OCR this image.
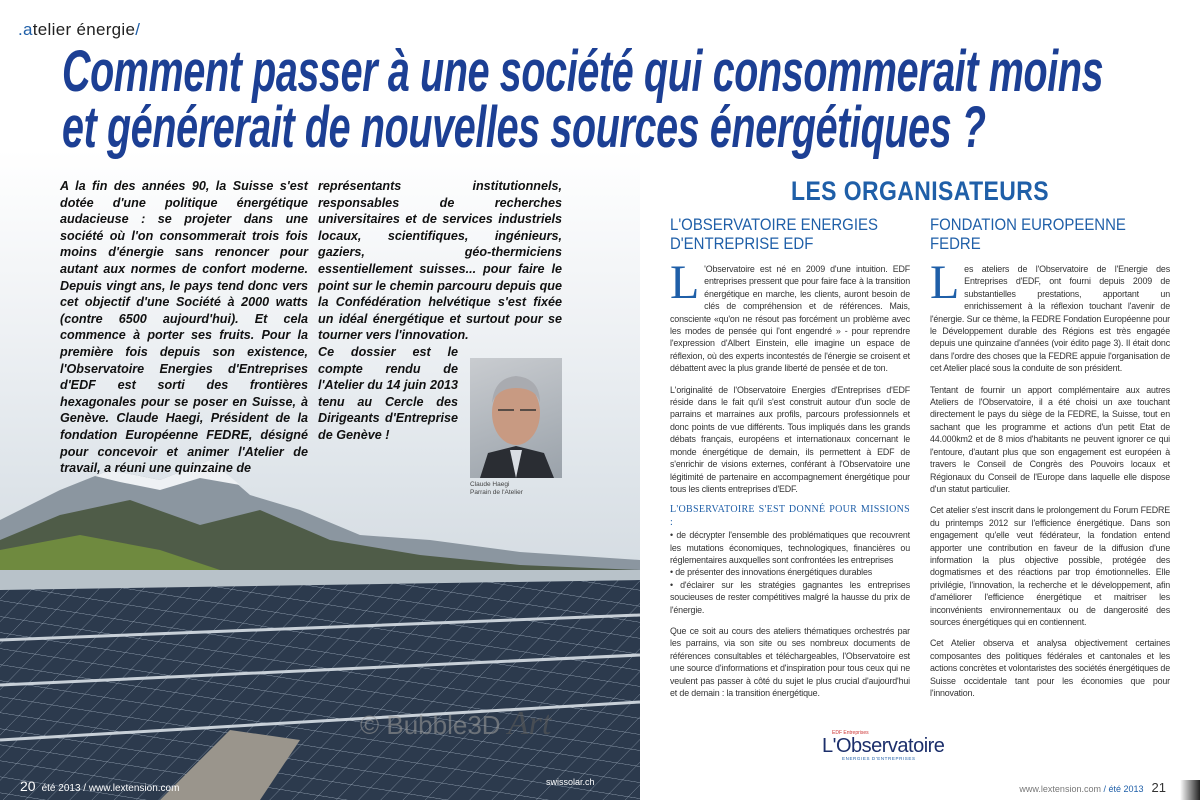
.atelier énergie/
Comment passer à une société qui consommerait moins
et générerait de nouvelles sources énergétiques ?
A la fin des années 90, la Suisse s'est dotée d'une politique énergétique audacieuse : se projeter dans une société où l'on consommerait trois fois moins d'énergie sans renoncer pour autant aux normes de confort moderne. Depuis vingt ans, le pays tend donc vers cet objectif d'une Société à 2000 watts (contre 6500 aujourd'hui). Et cela commence à porter ses fruits. Pour la première fois depuis son existence, l'Observatoire Energies d'Entreprises d'EDF est sorti des frontières hexagonales pour se poser en Suisse, à Genève. Claude Haegi, Président de la fondation Européenne FEDRE, désigné pour concevoir et animer l'Atelier de travail, a réuni une quinzaine de
représentants institutionnels, responsables de recherches universitaires et de services industriels locaux, scientifiques, ingénieurs, gaziers, géo-thermiciens essentiellement suisses... pour faire le point sur le chemin parcouru depuis que la Confédération helvétique s'est fixée un idéal énergétique et surtout pour se tourner vers l'innovation.
Ce dossier est le compte rendu de l'Atelier du 14 juin 2013 tenu au Cercle des Dirigeants d'Entreprise de Genève !
Claude Haegi
Parrain de l'Atelier
20 été 2013 / www.lextension.com
swissolar.ch
LES ORGANISATEURS
L'OBSERVATOIRE ENERGIES
D'ENTREPRISE EDF

L 'Observatoire est né en 2009 d'une intuition. EDF entreprises pressent que pour faire face à la transition énergétique en marche, les clients, auront besoin de clés de compréhension et de références. Mais, consciente «qu'on ne résout pas forcément un problème avec les modes de pensée qui l'ont engendré » - pour reprendre l'expression d'Albert Einstein, elle imagine un espace de réflexion, où des experts incontestés de l'énergie se croisent et débattent avec la plus grande liberté de pensée et de ton.

L'originalité de l'Observatoire Energies d'Entreprises d'EDF réside dans le fait qu'il s'est construit autour d'un socle de parrains et marraines aux profils, parcours professionnels et donc points de vue différents. Tous impliqués dans les grands débats français, européens et internationaux concernant le monde énergétique de demain, ils permettent à EDF de s'enrichir de visions externes, conférant à l'Observatoire une légitimité de partenaire en accompagnement énergétique pour tous les clients entreprises d'EDF.

L'OBSERVATOIRE S'EST DONNÉ POUR MISSIONS :

• de décrypter l'ensemble des problématiques que recouvrent les mutations économiques, technologiques, financières ou réglementaires auxquelles sont confrontées les entreprises
• de présenter des innovations énergétiques durables
• d'éclairer sur les stratégies gagnantes les entreprises soucieuses de rester compétitives malgré la hausse du prix de l'énergie.

Que ce soit au cours des ateliers thématiques orchestrés par les parrains, via son site ou ses nombreux documents de références consultables et téléchargeables, l'Observatoire est une source d'informations et d'inspiration pour tous ceux qui ne veulent pas passer à côté du sujet le plus crucial d'aujourd'hui et de demain : la transition énergétique.

EDF Entreprises
L'Observatoire
ENERGIES D'ENTREPRISES
FONDATION EUROPEENNE
FEDRE

Les ateliers de l'Observatoire de l'Energie des Entreprises d'EDF, ont fourni depuis 2009 de substantielles prestations, apportant un enrichissement à la réflexion touchant l'avenir de l'énergie. Sur ce thème, la FEDRE Fondation Européenne pour le Développement durable des Régions est très engagée depuis une quinzaine d'années (voir édito page 3). Il était donc dans l'ordre des choses que la FEDRE appuie l'organisation de cet Atelier placé sous la conduite de son président.

Tentant de fournir un apport complémentaire aux autres Ateliers de l'Observatoire, il a été choisi un axe touchant directement le pays du siège de la FEDRE, la Suisse, tout en sachant que les programme et actions d'un petit Etat de 44.000km2 et de 8 mios d'habitants ne peuvent ignorer ce qui l'entoure, d'autant plus que son engagement est européen à travers le Conseil de Congrès des Pouvoirs locaux et Régionaux du Conseil de l'Europe dans laquelle elle dispose d'un statut particulier.

Cet atelier s'est inscrit dans le prolongement du Forum FEDRE du printemps 2012 sur l'efficience énergétique. Dans son engagement qu'elle veut fédérateur, la fondation entend apporter une contribution en faveur de la diffusion d'une information la plus objective possible, protégée des dogmatismes et des réactions par trop émotionnelles. Elle privilégie, l'innovation, la recherche et le développement, afin d'améliorer l'efficience énergétique et maitriser les inconvénients environnementaux ou de dangerosité des sources énergétiques qui en contiennent.

Cet Atelier observa et analysa objectivement certaines composantes des politiques fédérales et cantonales et les actions concrètes et volontaristes des sociétés énergétiques de Suisse occidentale tant pour les économies que pour l'innovation.

www.lextension.com / été 2013 21
© Bubble3D Art
